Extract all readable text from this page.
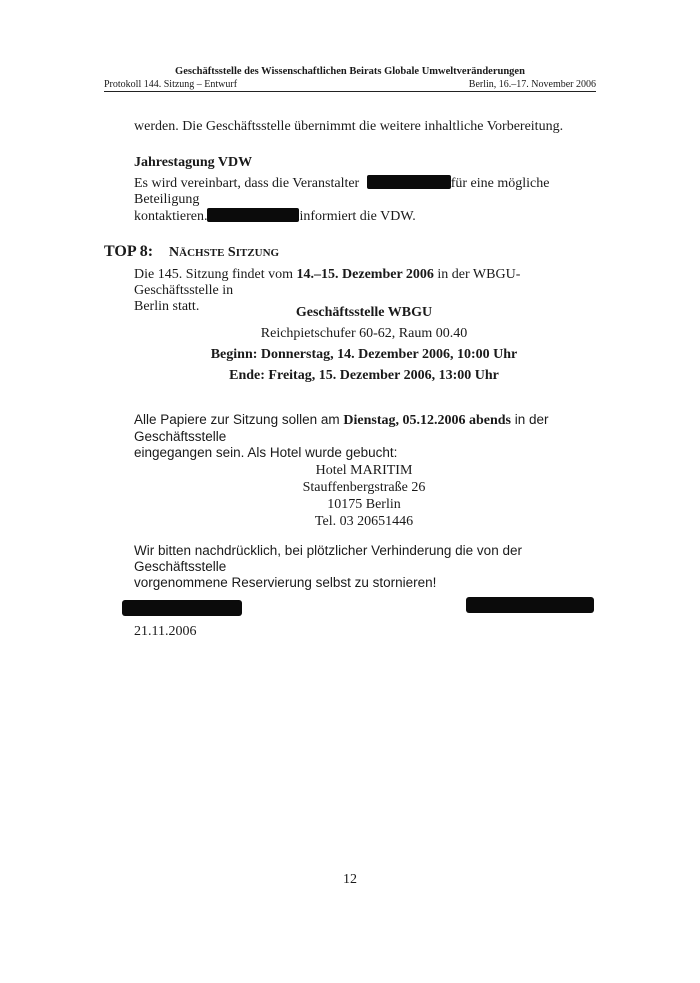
Geschäftsstelle des Wissenschaftlichen Beirats Globale Umweltveränderungen
Protokoll 144. Sitzung – Entwurf	Berlin, 16.–17. November 2006
werden. Die Geschäftsstelle übernimmt die weitere inhaltliche Vorbereitung.
Jahrestagung VDW
Es wird vereinbart, dass die Veranstalter	für eine mögliche Beteiligung
kontaktieren.	informiert die VDW.
TOP 8: NÄCHSTE SITZUNG
Die 145. Sitzung findet vom 14.–15. Dezember 2006 in der WBGU-Geschäftsstelle in
Berlin statt.	Geschäftsstelle WBGU
Reichpietschufer 60-62, Raum 00.40
Beginn: Donnerstag, 14. Dezember 2006, 10:00 Uhr
Ende: Freitag, 15. Dezember 2006, 13:00 Uhr
Alle Papiere zur Sitzung sollen am Dienstag, 05.12.2006 abends in der Geschäftsstelle
eingegangen sein. Als Hotel wurde gebucht:
Hotel MARITIM
Stauffenbergstraße 26
10175 Berlin
Tel. 03 20651446
Wir bitten nachdrücklich, bei plötzlicher Verhinderung die von der Geschäftsstelle
vorgenommene Reservierung selbst zu stornieren!
21.11.2006
12
